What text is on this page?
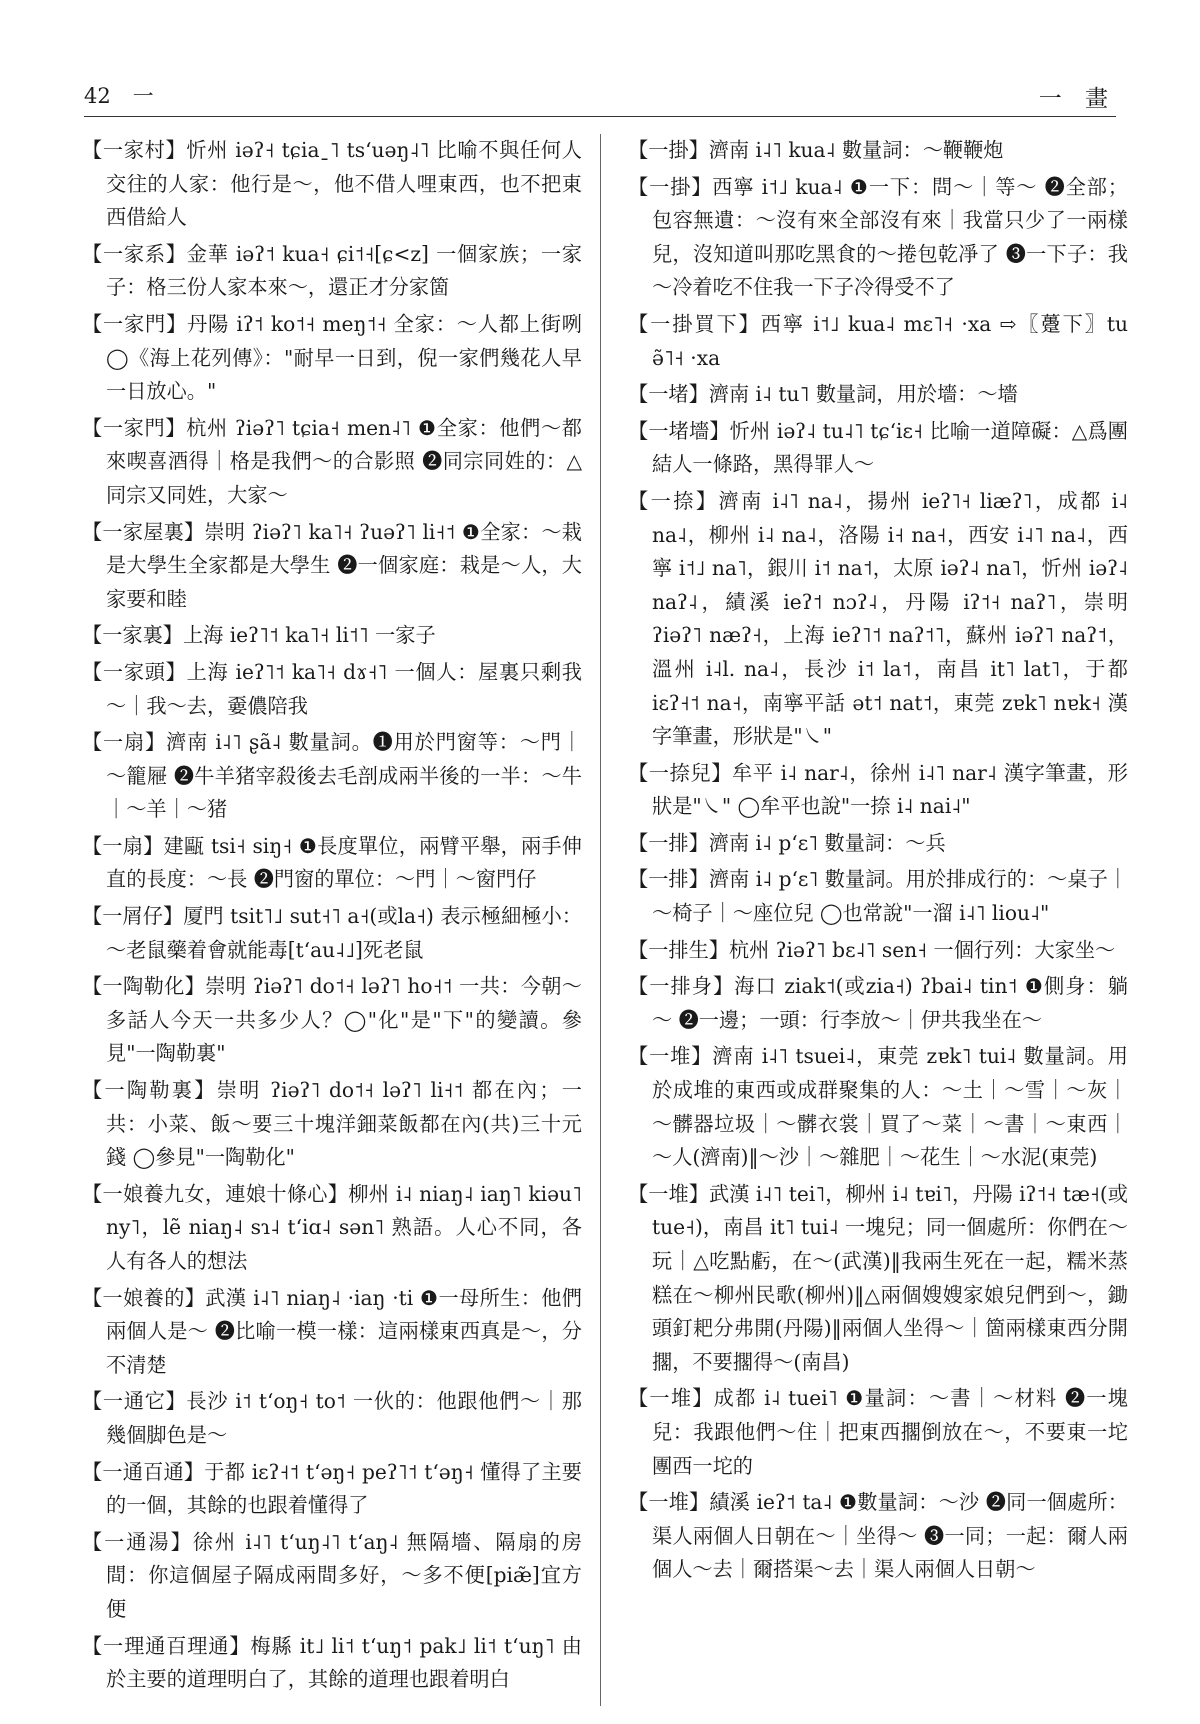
42 一	一 畫

【一家村】忻州 iəʔ˧ tɕiaˍ˥ tsʻuəŋ˨˥ 比喻不與任何人交往的人家：他行是～，他不借人哩東西，也不把東西借給人

【一家系】金華 iəʔ˦ kua˧ ɕi˦˧[ɕ<z] 一個家族；一家子：格三份人家本來～，還正才分家箇

【一家門】丹陽 iʔ˦ ko˦˧ meŋ˦˧ 全家：～人都上街咧 ◯《海上花列傳》："耐早一日到，倪一家們幾花人早一日放心。"

【一家門】杭州 ʔiəʔ˥ tɕia˧ men˨˥ ❶全家：他們～都來喫喜酒得｜格是我們～的合影照 ❷同宗同姓的：△同宗又同姓，大家～

【一家屋裏】崇明 ʔiəʔ˥ ka˥˧ ʔuəʔ˥ li˧˦ ❶全家：～栽是大學生全家都是大學生 ❷一個家庭：栽是～人，大家要和睦

【一家裏】上海 ieʔ˥˦ ka˥˧ li˦˥ 一家子

【一家頭】上海 ieʔ˥˦ ka˥˧ dɤ˧˥ 一個人：屋裏只剩我～｜我～去，嫑儂陪我

【一扇】濟南 i˨˥ ʂã˨ 數量詞。❶用於門窗等：～門｜～籠屜 ❷牛羊猪宰殺後去毛剖成兩半後的一半：～牛｜～羊｜～猪

【一扇】建甌 tsi˧ siŋ˧ ❶長度單位，兩臂平舉，兩手伸直的長度：～長 ❷門窗的單位：～門｜～窗門仔

【一屑仔】厦門 tsit˥˩ sut˧˥ a˧(或la˧) 表示極細極小：～老鼠藥着會就能毒[tʻau˨˩]死老鼠

【一陶勒化】崇明 ʔiəʔ˥ do˦˧ ləʔ˥ ho˧˦ 一共：今朝～多話人今天一共多少人？◯"化"是"下"的變讀。參見"一陶勒裏"

【一陶勒裏】崇明 ʔiəʔ˥ do˦˧ ləʔ˥ li˧˦ 都在內；一共：小菜、飯～要三十塊洋鈿菜飯都在內(共)三十元錢 ◯參見"一陶勒化"

【一娘養九女，連娘十條心】柳州 i˨ niaŋ˨ iaŋ˥ kiəu˥ ny˥，lẽ niaŋ˨ sɿ˨ tʻiɑ˨ sən˥ 熟語。人心不同，各人有各人的想法

【一娘養的】武漢 i˨˥ niaŋ˨ ·iaŋ ·ti ❶一母所生：他們兩個人是～ ❷比喻一模一樣：這兩樣東西真是～，分不清楚

【一通它】長沙 i˦ tʻoŋ˧ to˦ 一伙的：他跟他們～｜那幾個脚色是～

【一通百通】于都 iɛʔ˧˦ tʻəŋ˧ peʔ˥˦ tʻəŋ˧ 懂得了主要的一個，其餘的也跟着懂得了

【一通湯】徐州 i˨˥ tʻuŋ˨˥ tʻaŋ˨ 無隔墻、隔扇的房間：你這個屋子隔成兩間多好，～多不便[piæ̃]宜方便

【一理通百理通】梅縣 it˩ li˦ tʻuŋ˦ pak˩ li˦ tʻuŋ˥ 由於主要的道理明白了，其餘的道理也跟着明白

【一掛】濟南 i˨˥ kua˨ 數量詞：～鞭鞭炮

【一掛】西寧 i˦˩ kua˨ ❶一下：問～｜等～ ❷全部；包容無遺：～沒有來全部沒有來｜我當只少了一兩樣兒，沒知道叫那吃黑食的～捲包乾凈了 ❸一下子：我～冷着吃不住我一下子冷得受不了

【一掛買下】西寧 i˦˩ kua˨ mɛ˥˧ ·xa ⇨〖躉下〗tu ə̃˥˧ ·xa

【一堵】濟南 i˨ tu˥ 數量詞，用於墻：～墻

【一堵墻】忻州 iəʔ˨ tu˨˥ tɕʻiɛ˧ 比喻一道障礙：△爲團結人一條路，黑得罪人～

【一捺】濟南 i˨˥ na˨，揚州 ieʔ˥˧ liæʔ˥，成都 i˨ na˨，柳州 i˨ na˨，洛陽 i˧ na˧，西安 i˨˥ na˨，西寧 i˦˩ na˥，銀川 i˦ na˦，太原 iəʔ˨ na˥，忻州 iəʔ˨ naʔ˨，績溪 ieʔ˦ nɔʔ˨，丹陽 iʔ˦˧ naʔ˥，崇明 ʔiəʔ˥ næʔ˧，上海 ieʔ˥˦ naʔ˦˥，蘇州 iəʔ˥ naʔ˦，溫州 i˨l. na˨，長沙 i˦ la˦，南昌 it˥ lat˥，于都 iɛʔ˧˦ na˧，南寧平話 ət˦ nat˦，東莞 zɐk˥ nɐk˧ 漢字筆畫，形狀是"㇏"

【一捺兒】牟平 i˨ nar˨，徐州 i˨˥ nar˨ 漢字筆畫，形狀是"㇏" ◯牟平也說"一捺 i˨ nai˨"

【一排】濟南 i˨ pʻɛ˥ 數量詞：～兵

【一排】濟南 i˨ pʻɛ˥ 數量詞。用於排成行的：～桌子｜～椅子｜～座位兒 ◯也常說"一溜 i˨˥ liou˨"

【一排生】杭州 ʔiəʔ˥ bɛ˨˥ sen˧ 一個行列：大家坐～

【一排身】海口 ziak˦(或zia˧) ʔbai˨ tin˦ ❶側身：躺～ ❷一邊；一頭：行李放～｜伊共我坐在～

【一堆】濟南 i˨˥ tsuei˨，東莞 zɐk˥ tui˨ 數量詞。用於成堆的東西或成群聚集的人：～土｜～雪｜～灰｜～髒器垃圾｜～髒衣裳｜買了～菜｜～書｜～東西｜～人(濟南)‖～沙｜～雜肥｜～花生｜～水泥(東莞)

【一堆】武漢 i˨˥ tei˥，柳州 i˨ tɐi˥，丹陽 iʔ˦˧ tæ˧(或tue˧)，南昌 it˥ tui˨ 一塊兒；同一個處所：你們在～玩｜△吃點虧，在～(武漢)‖我兩生死在一起，糯米蒸糕在～柳州民歌(柳州)‖△兩個嫂嫂家娘兒們到～，鋤頭釘耙分弗開(丹陽)‖兩個人坐得～｜箇兩樣東西分開擱，不要擱得～(南昌)

【一堆】成都 i˨ tuei˥ ❶量詞：～書｜～材料 ❷一塊兒：我跟他們～住｜把東西擱倒放在～，不要東一坨團西一坨的

【一堆】績溪 ieʔ˦ ta˨ ❶數量詞：～沙 ❷同一個處所：渠人兩個人日朝在～｜坐得～ ❸一同；一起：爾人兩個人～去｜爾搭渠～去｜渠人兩個人日朝～
